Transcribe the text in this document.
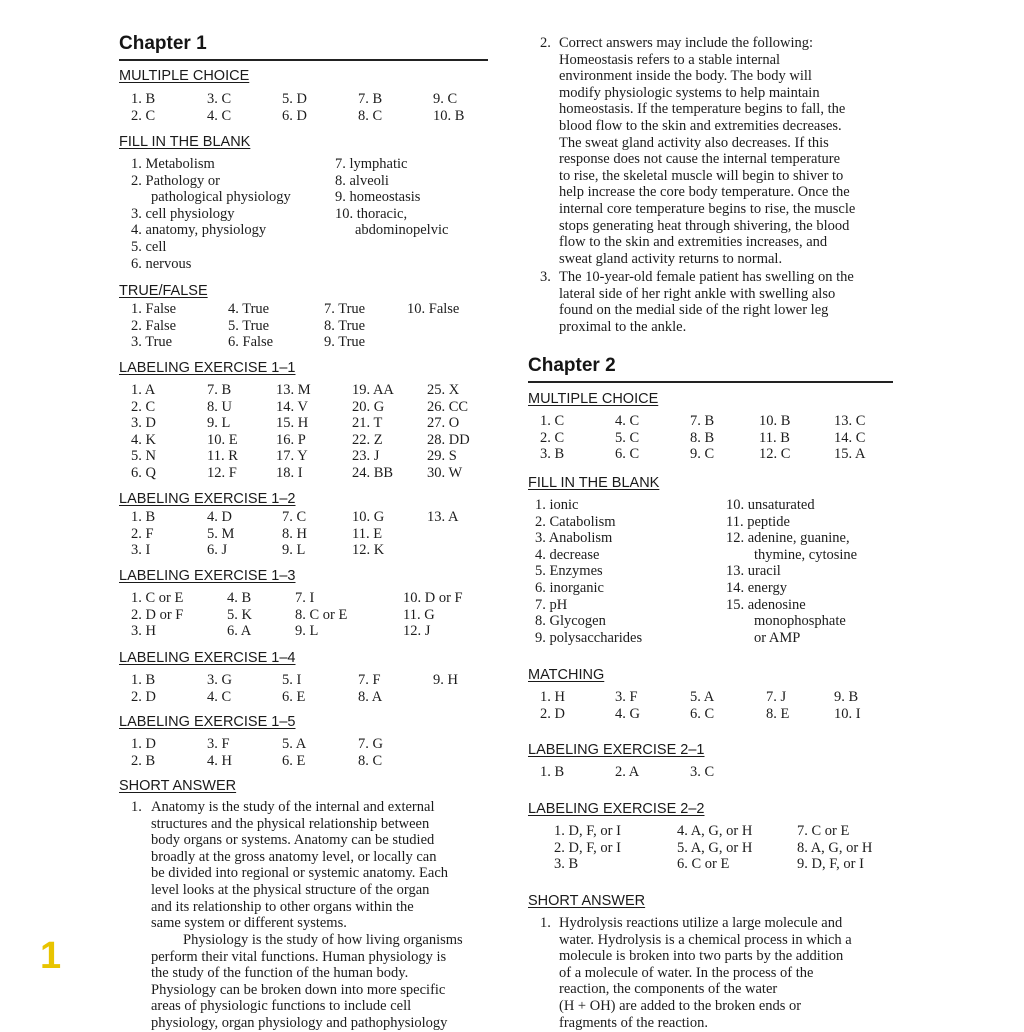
Chapter 1
MULTIPLE CHOICE
FILL IN THE BLANK
1. Metabolism
2. Pathology or
pathological physiology
3. cell physiology
4. anatomy, physiology
5. cell
6. nervous
7. lymphatic
8. alveoli
9. homeostasis
10. thoracic,
abdominopelvic
TRUE/FALSE
LABELING EXERCISE 1–1
LABELING EXERCISE 1–2
LABELING EXERCISE 1–3
LABELING EXERCISE 1–4
LABELING EXERCISE 1–5
SHORT ANSWER
1. Anatomy is the study of the internal and external
structures and the physical relationship between
body organs or systems. Anatomy can be studied
broadly at the gross anatomy level, or locally can
be divided into regional or systemic anatomy. Each
level looks at the physical structure of the organ
and its relationship to other organs within the
same system or different systems.
Physiology is the study of how living organisms
perform their vital functions. Human physiology is
the study of the function of the human body.
Physiology can be broken down into more specific
areas of physiologic functions to include cell
physiology, organ physiology and pathophysiology
1. B
2. C
3. C
4. C
5. D
6. D
7. B
8. C
9. C
10. B
1. False
2. False
3. True
4. True
5. True
6. False
7. True
8. True
9. True
10. False
1. A
2. C
3. D
4. K
5. N
6. Q
7. B
8. U
9. L
10. E
11. R
12. F
13. M
14. V
15. H
16. P
17. Y
18. I
19. AA
20. G
21. T
22. Z
23. J
24. BB
25. X
26. CC
27. O
28. DD
29. S
30. W
1. B
2. F
3. I
4. D
5. M
6. J
7. C
8. H
9. L
10. G
11. E
12. K
13. A
1. C or E
2. D or F
3. H
4. B
5. K
6. A
7. I
8. C or E
9. L
10. D or F
11. G
12. J
1. B
2. D
3. G
4. C
5. I
6. E
7. F
8. A
9. H
1. D
2. B
3. F
4. H
5. A
6. E
7. G
8. C
2. Correct answers may include the following:
Homeostasis refers to a stable internal
environment inside the body. The body will
modify physiologic systems to help maintain
homeostasis. If the temperature begins to fall, the
blood flow to the skin and extremities decreases.
The sweat gland activity also decreases. If this
response does not cause the internal temperature
to rise, the skeletal muscle will begin to shiver to
help increase the core body temperature. Once the
internal core temperature begins to rise, the muscle
stops generating heat through shivering, the blood
flow to the skin and extremities increases, and
sweat gland activity returns to normal.
3. The 10-year-old female patient has swelling on the
lateral side of her right ankle with swelling also
found on the medial side of the right lower leg
proximal to the ankle.
Chapter 2
MULTIPLE CHOICE
FILL IN THE BLANK
1. ionic
2. Catabolism
3. Anabolism
4. decrease
5. Enzymes
6. inorganic
7. pH
8. Glycogen
9. polysaccharides
10. unsaturated
11. peptide
12. adenine, guanine,
thymine, cytosine
13. uracil
14. energy
15. adenosine
monophosphate
or AMP
MATCHING
LABELING EXERCISE 2–1
LABELING EXERCISE 2–2
SHORT ANSWER
1. Hydrolysis reactions utilize a large molecule and
water. Hydrolysis is a chemical process in which a
molecule is broken into two parts by the addition
of a molecule of water. In the process of the
reaction, the components of the water
(H + OH) are added to the broken ends or
fragments of the reaction.
1. C
2. C
3. B
4. C
5. C
6. C
7. B
8. B
9. C
10. B
11. B
12. C
13. C
14. C
15. A
1. H
2. D
3. F
4. G
5. A
6. C
7. J
8. E
9. B
10. I
1. B	2. A	3. C
1. D, F, or I
2. D, F, or I
3. B
4. A, G, or H
5. A, G, or H
6. C or E
7. C or E
8. A, G, or H
9. D, F, or I
1
